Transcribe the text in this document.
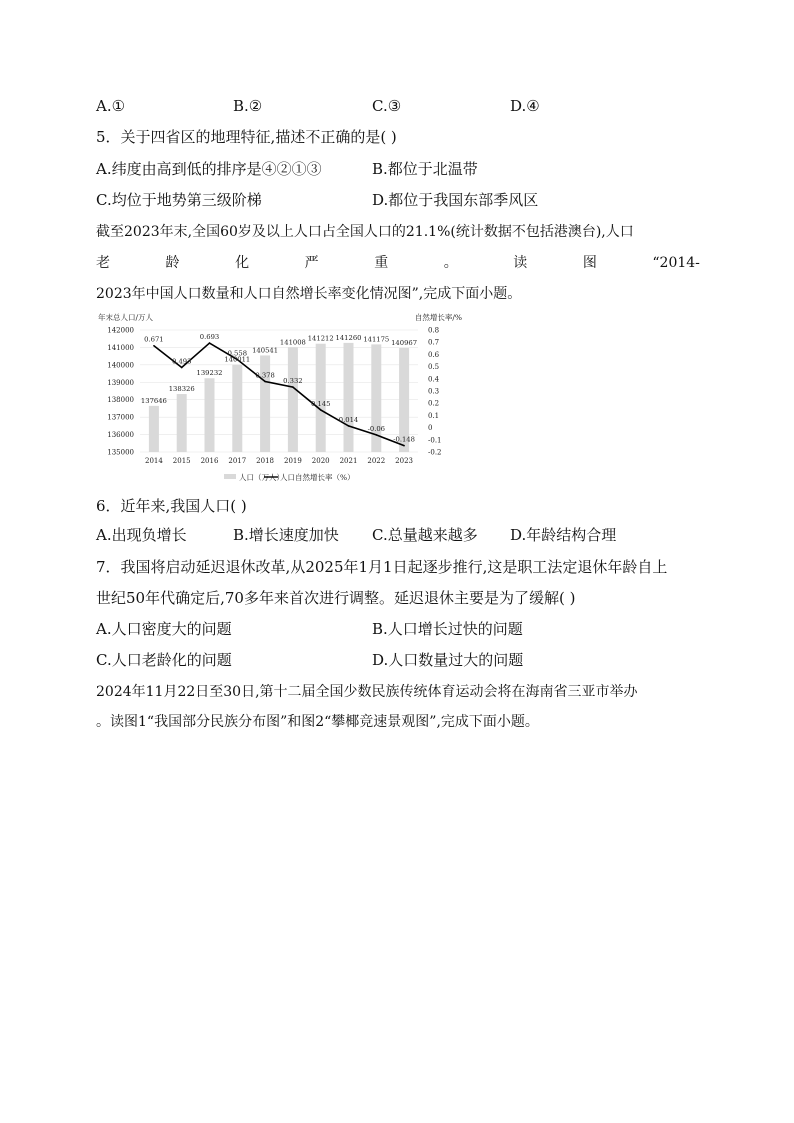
A.①	B.②	C.③	D.④
5．关于四省区的地理特征,描述不正确的是( )
A.纬度由高到低的排序是④②①③	B.都位于北温带
C.均位于地势第三级阶梯	D.都位于我国东部季风区
截至2023年末,全国60岁及以上人口占全国人口的21.1%(统计数据不包括港澳台),人口
老	龄	化	严	重	。	读	图	“2014-
2023年中国人口数量和人口自然增长率变化情况图”,完成下面小题。
年末总人口/万人	自然增长率/%
135000
136000
137000
138000
139000
140000
141000
142000
-0.2
-0.1
0
0.1
0.2
0.3
0.4
0.5
0.6
0.7
0.8
2014 2015 2016 2017 2018 2019 2020 2021 2022 2023
137646
138326
139232
140011
140541
141008 141212 141260 141175 140967
0.671
0.493
0.693
0.558
0.378
0.332
0.145
0.014
-0.06
-0.148
人口（万人）
人口自然增长率（%）
6．近年来,我国人口( )
A.出现负增长	B.增长速度加快 C.总量越来越多 D.年龄结构合理
7．我国将启动延迟退休改革,从2025年1月1日起逐步推行,这是职工法定退休年龄自上
世纪50年代确定后,70多年来首次进行调整。延迟退休主要是为了缓解( )
A.人口密度大的问题	B.人口增长过快的问题
C.人口老龄化的问题	D.人口数量过大的问题
2024年11月22日至30日,第十二届全国少数民族传统体育运动会将在海南省三亚市举办
。读图1“我国部分民族分布图”和图2“攀椰竞速景观图”,完成下面小题。
